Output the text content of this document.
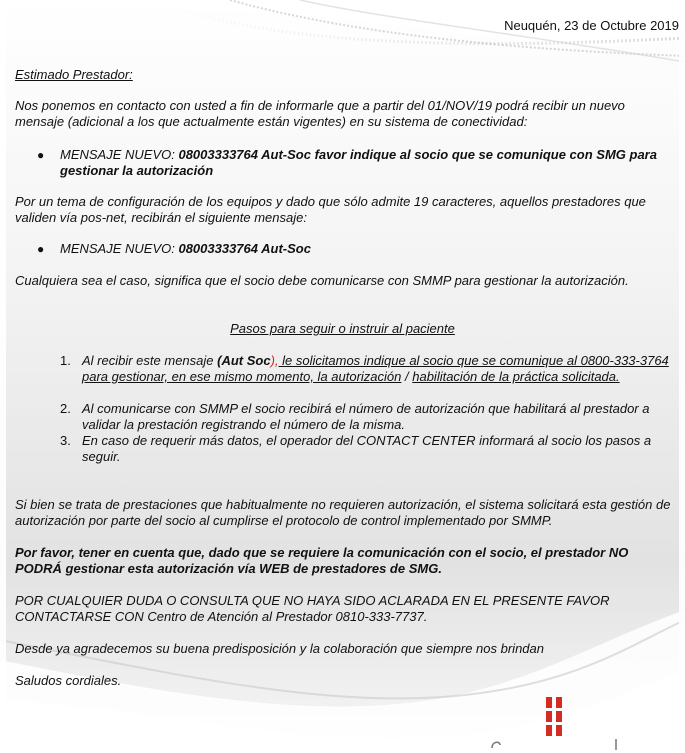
Neuquén, 23 de Octubre 2019
Estimado Prestador:
Nos ponemos en contacto con usted a fin de informarle que a partir del 01/NOV/19 podrá recibir un nuevo mensaje (adicional a los que actualmente están vigentes) en su sistema de conectividad:
● MENSAJE NUEVO: 08003333764 Aut-Soc favor indique al socio que se comunique con SMG para gestionar la autorización
Por un tema de configuración de los equipos y dado que sólo admite 19 caracteres, aquellos prestadores que validen vía pos-net, recibirán el siguiente mensaje:
● MENSAJE NUEVO: 08003333764 Aut-Soc
Cualquiera sea el caso, significa que el socio debe comunicarse con SMMP para gestionar la autorización.
Pasos para seguir o instruir al paciente
1. Al recibir este mensaje (Aut Soc), le solicitamos indique al socio que se comunique al 0800-333-3764 para gestionar, en ese mismo momento, la autorización / habilitación de la práctica solicitada.
2. Al comunicarse con SMMP el socio recibirá el número de autorización que habilitará al prestador a validar la prestación registrando el número de la misma.
3. En caso de requerir más datos, el operador del CONTACT CENTER informará al socio los pasos a seguir.
Si bien se trata de prestaciones que habitualmente no requieren autorización, el sistema solicitará esta gestión de autorización por parte del socio al cumplirse el protocolo de control implementado por SMMP.
Por favor, tener en cuenta que, dado que se requiere la comunicación con el socio, el prestador NO PODRÁ gestionar esta autorización vía WEB de prestadores de SMG.
POR CUALQUIER DUDA O CONSULTA QUE NO HAYA SIDO ACLARADA EN EL PRESENTE FAVOR CONTACTARSE CON Centro de Atención al Prestador 0810-333-7737.
Desde ya agradecemos su buena predisposición y la colaboración que siempre nos brindan
Saludos cordiales.
